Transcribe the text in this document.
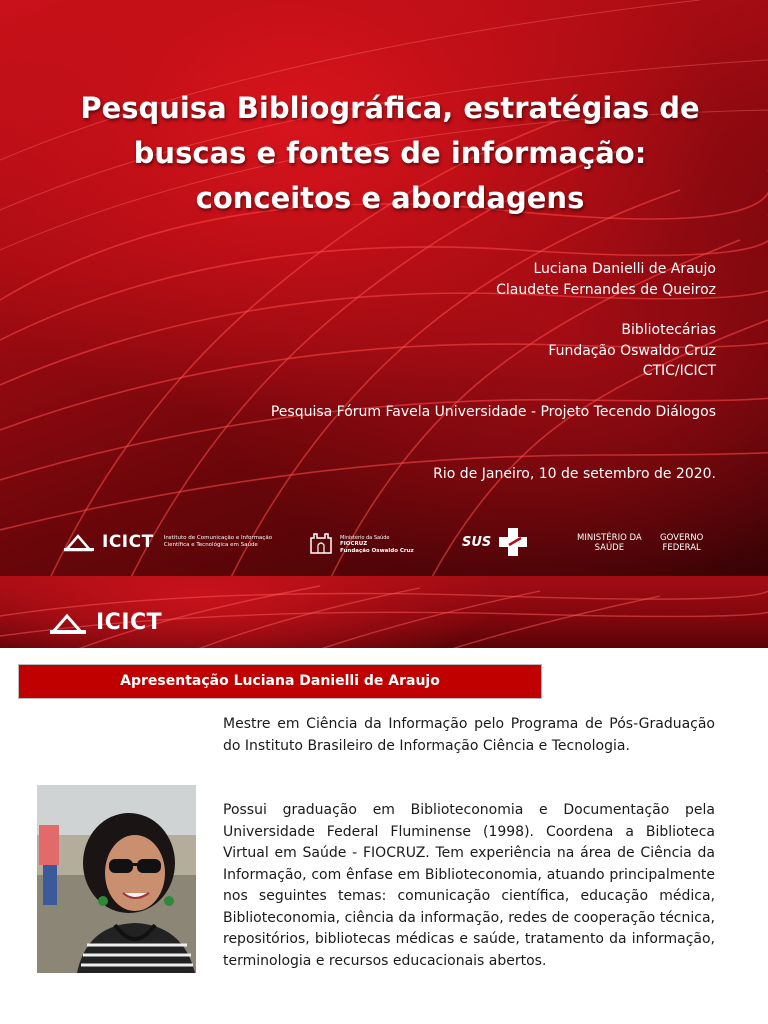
Pesquisa Bibliográfica, estratégias de
buscas e fontes de informação:
conceitos e abordagens
Luciana Danielli de Araujo
Claudete Fernandes de Queiroz
Bibliotecárias
Fundação Oswaldo Cruz
CTIC/ICICT
Pesquisa Fórum Favela Universidade - Projeto Tecendo Diálogos
Rio de Janeiro, 10 de setembro de 2020.
ICICT Instituto de Comunicação e Informação Científica e Tecnológica em Saúde
Ministério da Saúde
FIOCRUZ
Fundação Oswaldo Cruz
SUS	MINISTÉRIO DA
SAÚDE
GOVERNO
FEDERAL
ICICT
Apresentação Luciana Danielli de Araujo
Mestre em Ciência da Informação pelo Programa de Pós-Graduação do Instituto Brasileiro de Informação Ciência e Tecnologia.
Possui graduação em Biblioteconomia e Documentação pela Universidade Federal Fluminense (1998). Coordena a Biblioteca Virtual em Saúde - FIOCRUZ. Tem experiência na área de Ciência da Informação, com ênfase em Biblioteconomia, atuando principalmente nos seguintes temas: comunicação científica, educação médica, Biblioteconomia, ciência da informação, redes de cooperação técnica, repositórios, bibliotecas médicas e saúde, tratamento da informação, terminologia e recursos educacionais abertos.
